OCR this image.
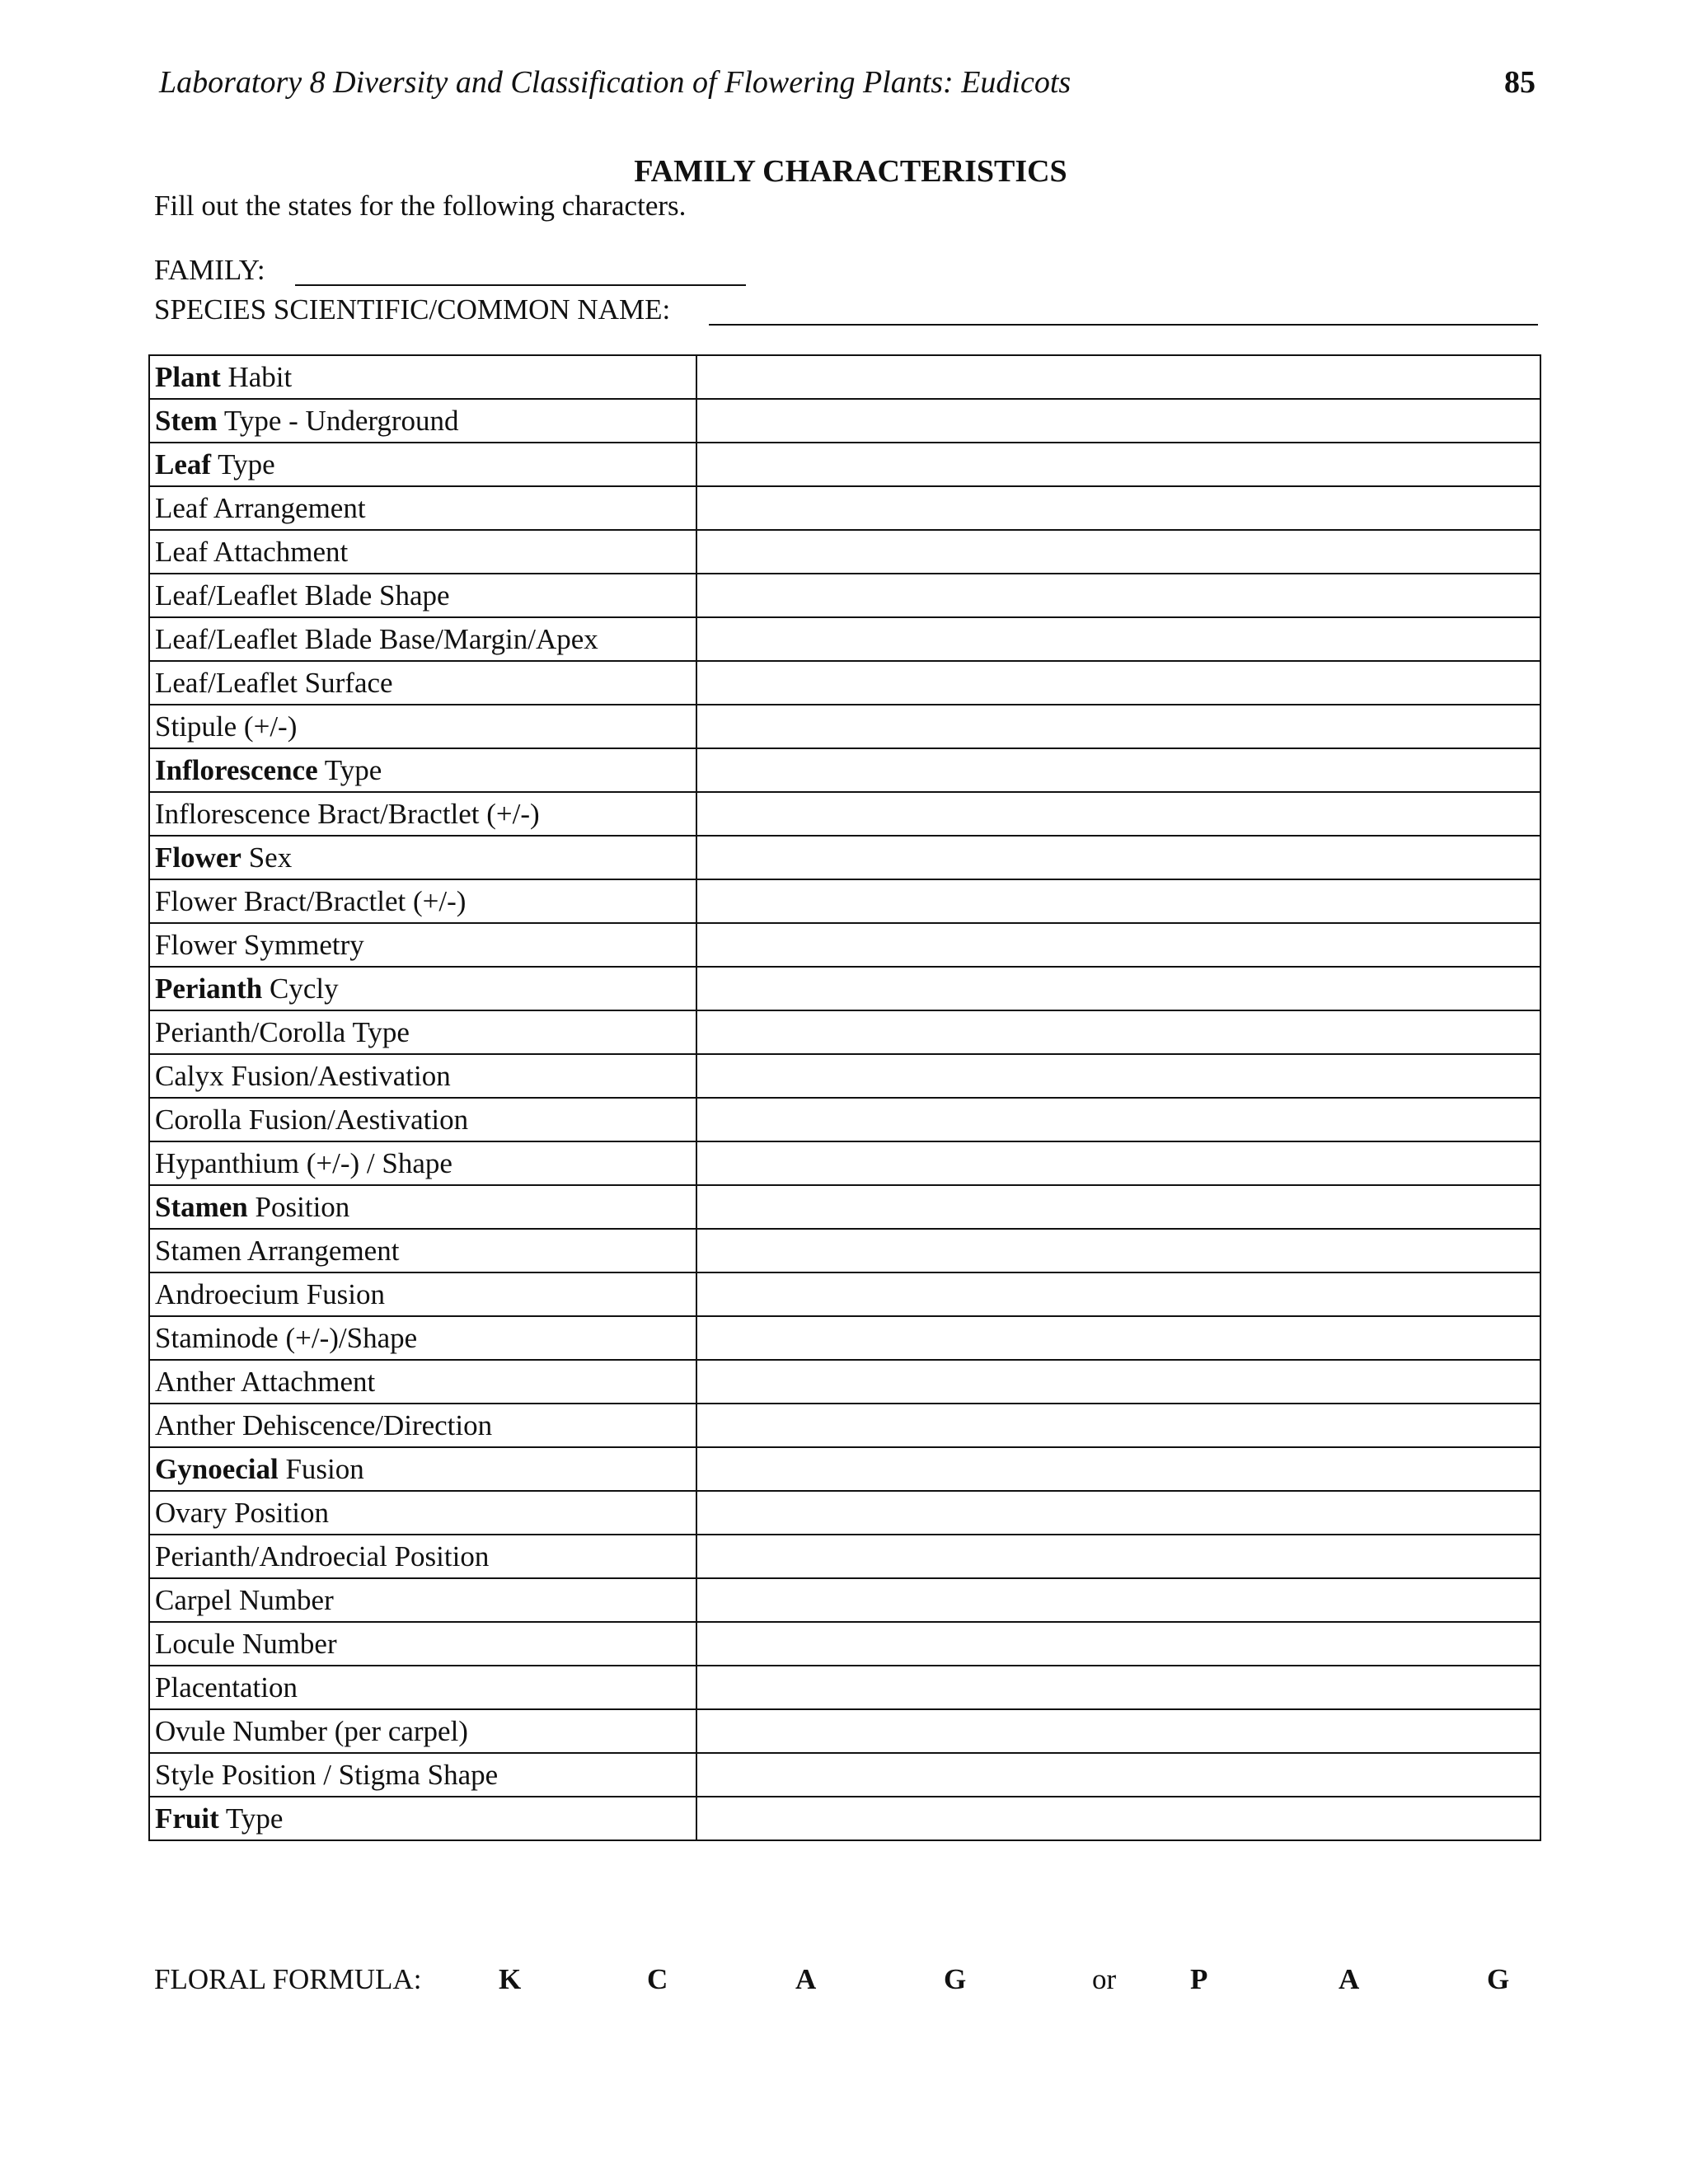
Laboratory 8 Diversity and Classification of Flowering Plants: Eudicots	85
FAMILY CHARACTERISTICS
Fill out the states for the following characters.
FAMILY:
SPECIES SCIENTIFIC/COMMON NAME:
Plant Habit	
Stem Type - Underground	
Leaf Type	
Leaf Arrangement	
Leaf Attachment	
Leaf/Leaflet Blade Shape	
Leaf/Leaflet Blade Base/Margin/Apex	
Leaf/Leaflet Surface	
Stipule (+/-)	
Inflorescence Type	
Inflorescence Bract/Bractlet (+/-)	
Flower Sex	
Flower Bract/Bractlet (+/-)	
Flower Symmetry	
Perianth Cycly	
Perianth/Corolla Type	
Calyx Fusion/Aestivation	
Corolla Fusion/Aestivation	
Hypanthium (+/-) / Shape	
Stamen Position	
Stamen Arrangement	
Androecium Fusion	
Staminode (+/-)/Shape	
Anther Attachment	
Anther Dehiscence/Direction	
Gynoecial Fusion	
Ovary Position	
Perianth/Androecial Position	
Carpel Number	
Locule Number	
Placentation	
Ovule Number (per carpel)	
Style Position / Stigma Shape	
Fruit Type	
FLORAL FORMULA:	K	C	A	G	or	P	A	G
